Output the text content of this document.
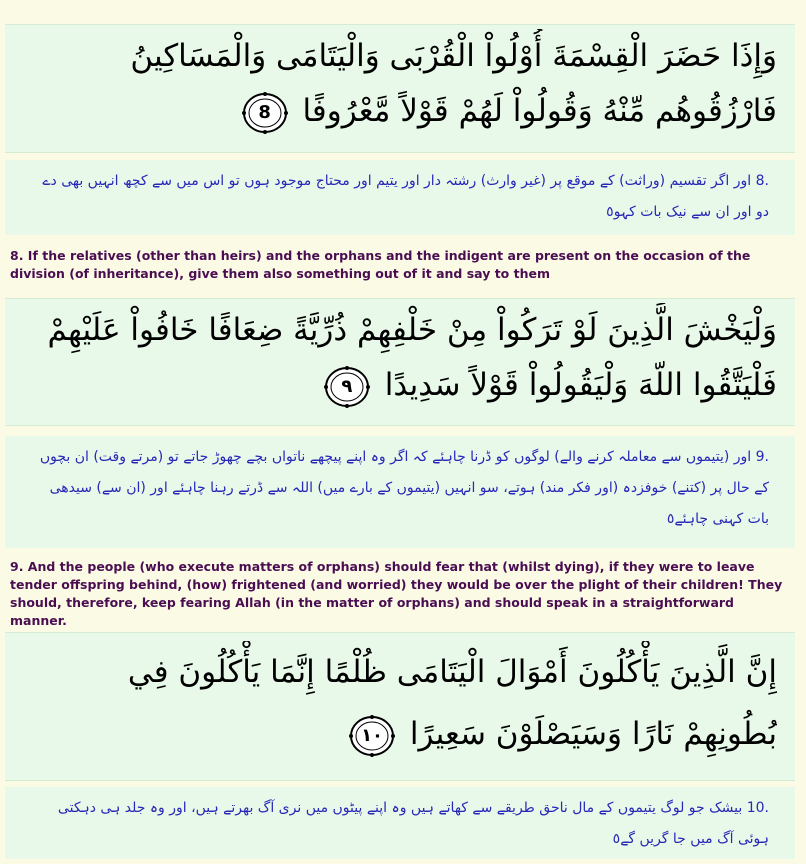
وَإِذَا حَضَرَ الْقِسْمَةَ أُوْلُواْ الْقُرْبَى وَالْيَتَامَى وَالْمَسَاكِينُ
فَارْزُقُوهُم مِّنْهُ وَقُولُواْ لَهُمْ قَوْلاً مَّعْرُوفًا
8
8. اور اگر تقسیم (وراثت) کے موقع پر (غیر وارث) رشتہ دار اور یتیم اور محتاج موجود ہوں تو اس میں سے کچھ انہیں بھی دے دو اور ان سے نیک بات کہو٥
8. If the relatives (other than heirs) and the orphans and the indigent are present on the occasion of the division (of inheritance), give them also something out of it and say to them
وَلْيَخْشَ الَّذِينَ لَوْ تَرَكُواْ مِنْ خَلْفِهِمْ ذُرِّيَّةً ضِعَافًا خَافُواْ عَلَيْهِمْ
فَلْيَتَّقُوا اللّهَ وَلْيَقُولُواْ قَوْلاً سَدِيدًا
٩
9. اور (یتیموں سے معاملہ کرنے والے) لوگوں کو ڈرنا چاہئے کہ اگر وہ اپنے پیچھے ناتواں بچے چھوڑ جاتے تو (مرتے وقت) ان بچوں کے حال پر (کتنے) خوفزدہ (اور فکر مند) ہوتے، سو انہیں (یتیموں کے بارے میں) اللہ سے ڈرتے رہنا چاہئے اور (ان سے) سیدھی بات کہنی چاہئے٥
9. And the people (who execute matters of orphans) should fear that (whilst dying), if they were to leave tender offspring behind, (how) frightened (and worried) they would be over the plight of their children! They should, therefore, keep fearing Allah (in the matter of orphans) and should speak in a straightforward manner.
إِنَّ الَّذِينَ يَأْكُلُونَ أَمْوَالَ الْيَتَامَى ظُلْمًا إِنَّمَا يَأْكُلُونَ فِي
بُطُونِهِمْ نَارًا وَسَيَصْلَوْنَ سَعِيرًا
١٠
10. بیشک جو لوگ یتیموں کے مال ناحق طریقے سے کھاتے ہیں وہ اپنے پیٹوں میں نری آگ بھرتے ہیں، اور وہ جلد ہی دہکتی ہوئی آگ میں جا گریں گے٥
